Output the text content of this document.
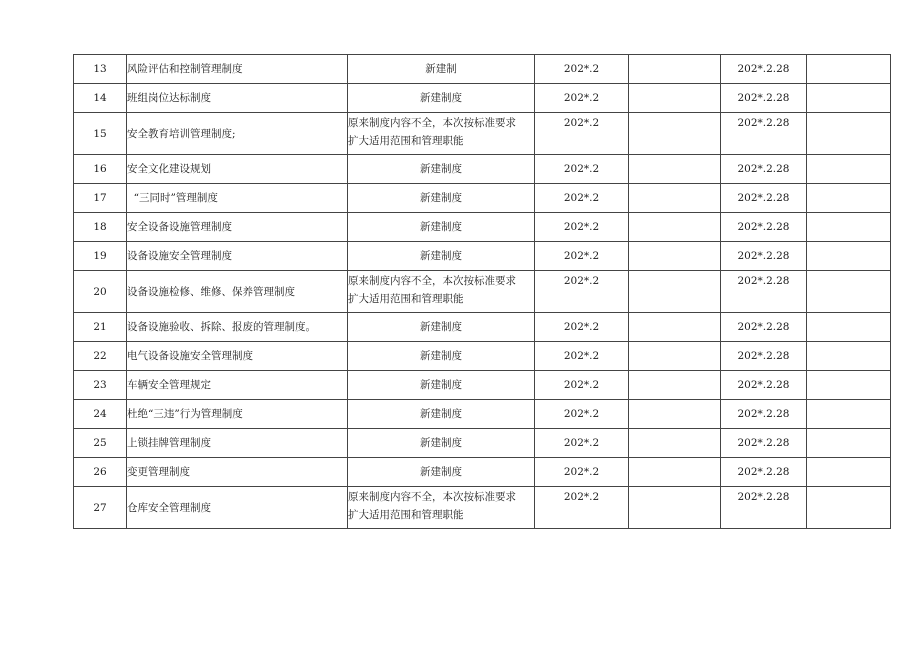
13	风险评估和控制管理制度	新建制	202*.2		202*.2.28	
14	班组岗位达标制度	新建制度	202*.2		202*.2.28	
15	安全教育培训管理制度;	原来制度内容不全，本次按标准要求
扩大适用范围和管理职能	202*.2		202*.2.28	
16	安全文化建设规划	新建制度	202*.2		202*.2.28	
17	“三同时”管理制度	新建制度	202*.2		202*.2.28	
18	安全设备设施管理制度	新建制度	202*.2		202*.2.28	
19	设备设施安全管理制度	新建制度	202*.2		202*.2.28	
20	设备设施检修、维修、保养管理制度	原来制度内容不全，本次按标准要求
扩大适用范围和管理职能	202*.2		202*.2.28	
21	设备设施验收、拆除、报废的管理制度。	新建制度	202*.2		202*.2.28	
22	电气设备设施安全管理制度	新建制度	202*.2		202*.2.28	
23	车辆安全管理规定	新建制度	202*.2		202*.2.28	
24	杜绝“三违”行为管理制度	新建制度	202*.2		202*.2.28	
25	上锁挂牌管理制度	新建制度	202*.2		202*.2.28	
26	变更管理制度	新建制度	202*.2		202*.2.28	
27	仓库安全管理制度	原来制度内容不全，本次按标准要求
扩大适用范围和管理职能	202*.2		202*.2.28	
